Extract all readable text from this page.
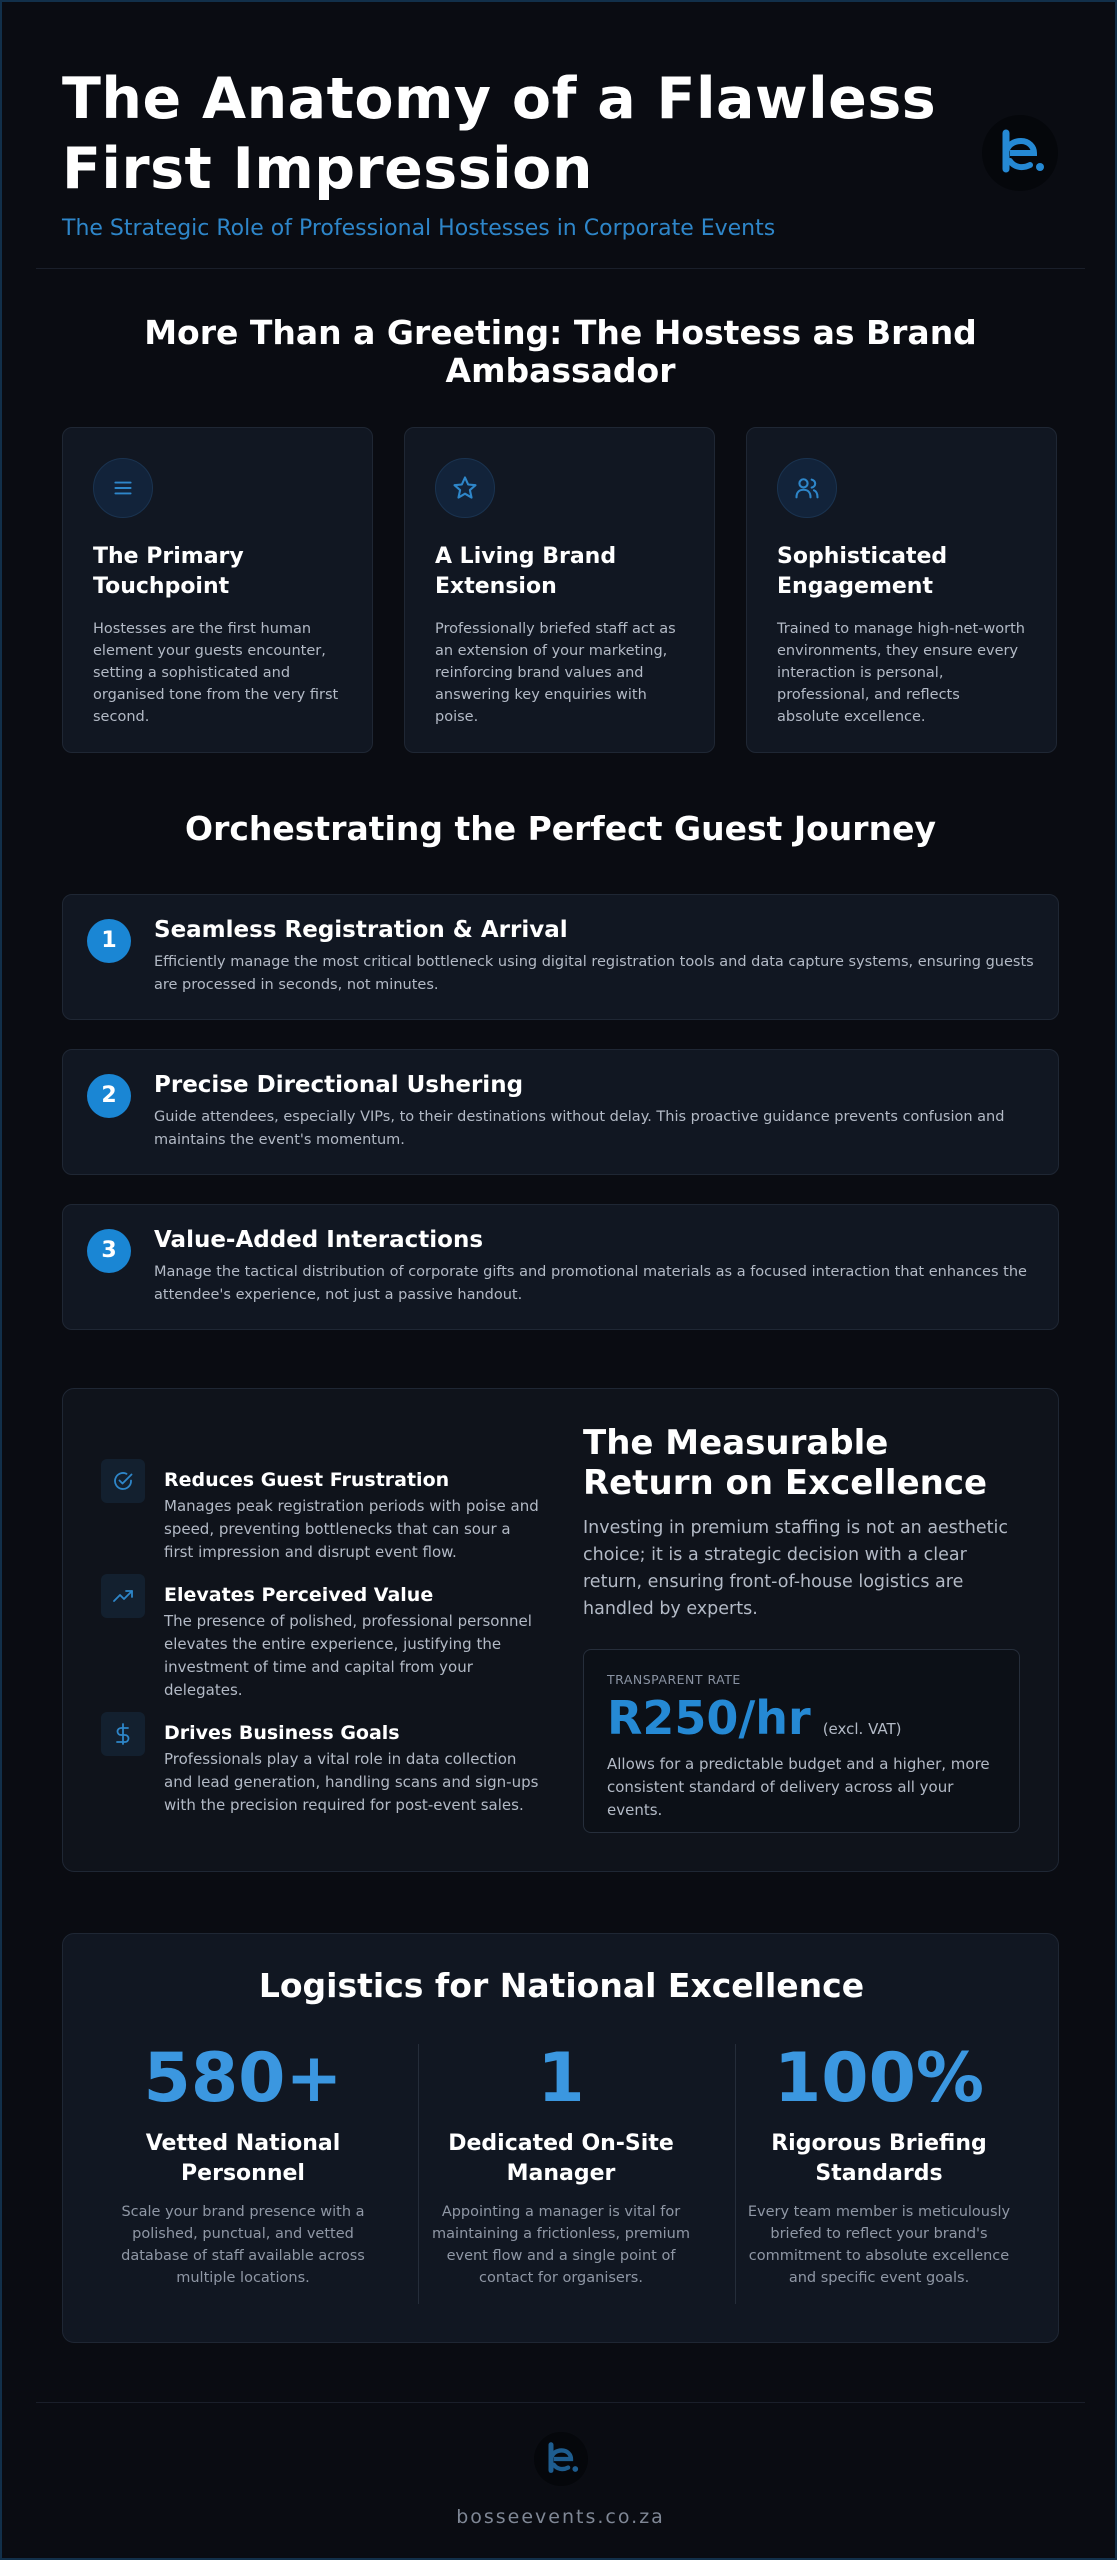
The Anatomy of a Flawless
First Impression
The Strategic Role of Professional Hostesses in Corporate Events
More Than a Greeting: The Hostess as Brand Ambassador
The Primary Touchpoint
Hostesses are the first human element your guests encounter, setting a sophisticated and organised tone from the very first second.
A Living Brand Extension
Professionally briefed staff act as an extension of your marketing, reinforcing brand values and answering key enquiries with poise.
Sophisticated Engagement
Trained to manage high-net-worth environments, they ensure every interaction is personal, professional, and reflects absolute excellence.
Orchestrating the Perfect Guest Journey
1	Seamless Registration & Arrival
Efficiently manage the most critical bottleneck using digital registration tools and data capture systems, ensuring guests are processed in seconds, not minutes.
2	Precise Directional Ushering
Guide attendees, especially VIPs, to their destinations without delay. This proactive guidance prevents confusion and maintains the event's momentum.
3	Value-Added Interactions
Manage the tactical distribution of corporate gifts and promotional materials as a focused interaction that enhances the attendee's experience, not just a passive handout.
Reduces Guest Frustration
Manages peak registration periods with poise and speed, preventing bottlenecks that can sour a first impression and disrupt event flow.
Elevates Perceived Value
The presence of polished, professional personnel elevates the entire experience, justifying the investment of time and capital from your delegates.
Drives Business Goals
Professionals play a vital role in data collection and lead generation, handling scans and sign-ups with the precision required for post-event sales.
The Measurable
Return on Excellence
Investing in premium staffing is not an aesthetic choice; it is a strategic decision with a clear return, ensuring front-of-house logistics are handled by experts.
TRANSPARENT RATE
R250/hr (excl. VAT)
Allows for a predictable budget and a higher, more consistent standard of delivery across all your events.
Logistics for National Excellence
580+
Vetted National Personnel
Scale your brand presence with a polished, punctual, and vetted database of staff available across multiple locations.
1
Dedicated On-Site Manager
Appointing a manager is vital for maintaining a frictionless, premium event flow and a single point of contact for organisers.
100%
Rigorous Briefing Standards
Every team member is meticulously briefed to reflect your brand's commitment to absolute excellence and specific event goals.
bosseevents.co.za
